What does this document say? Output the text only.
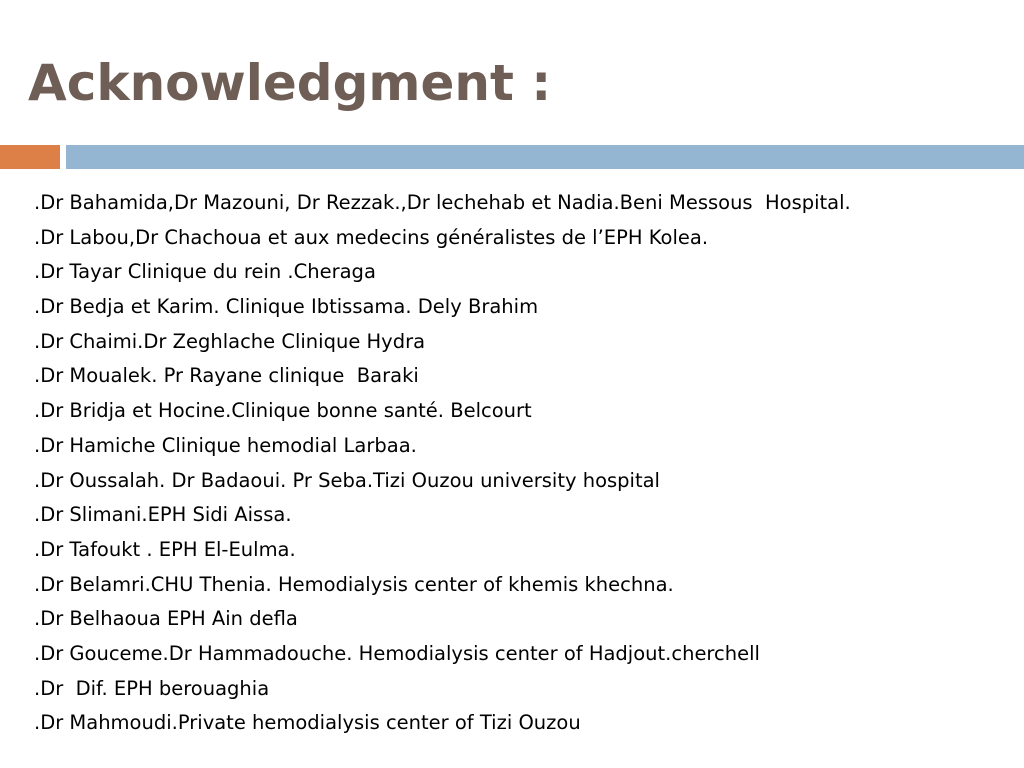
Acknowledgment :
.Dr Bahamida,Dr Mazouni, Dr Rezzak.,Dr lechehab et Nadia.Beni Messous  Hospital.
.Dr Labou,Dr Chachoua et aux medecins généralistes de l’EPH Kolea.
.Dr Tayar Clinique du rein .Cheraga
.Dr Bedja et Karim. Clinique Ibtissama. Dely Brahim
.Dr Chaimi.Dr Zeghlache Clinique Hydra
.Dr Moualek. Pr Rayane clinique  Baraki
.Dr Bridja et Hocine.Clinique bonne santé. Belcourt
.Dr Hamiche Clinique hemodial Larbaa.
.Dr Oussalah. Dr Badaoui. Pr Seba.Tizi Ouzou university hospital
.Dr Slimani.EPH Sidi Aissa.
.Dr Tafoukt . EPH El-Eulma.
.Dr Belamri.CHU Thenia. Hemodialysis center of khemis khechna.
.Dr Belhaoua EPH Ain defla
.Dr Gouceme.Dr Hammadouche. Hemodialysis center of Hadjout.cherchell
.Dr  Dif. EPH berouaghia
.Dr Mahmoudi.Private hemodialysis center of Tizi Ouzou
